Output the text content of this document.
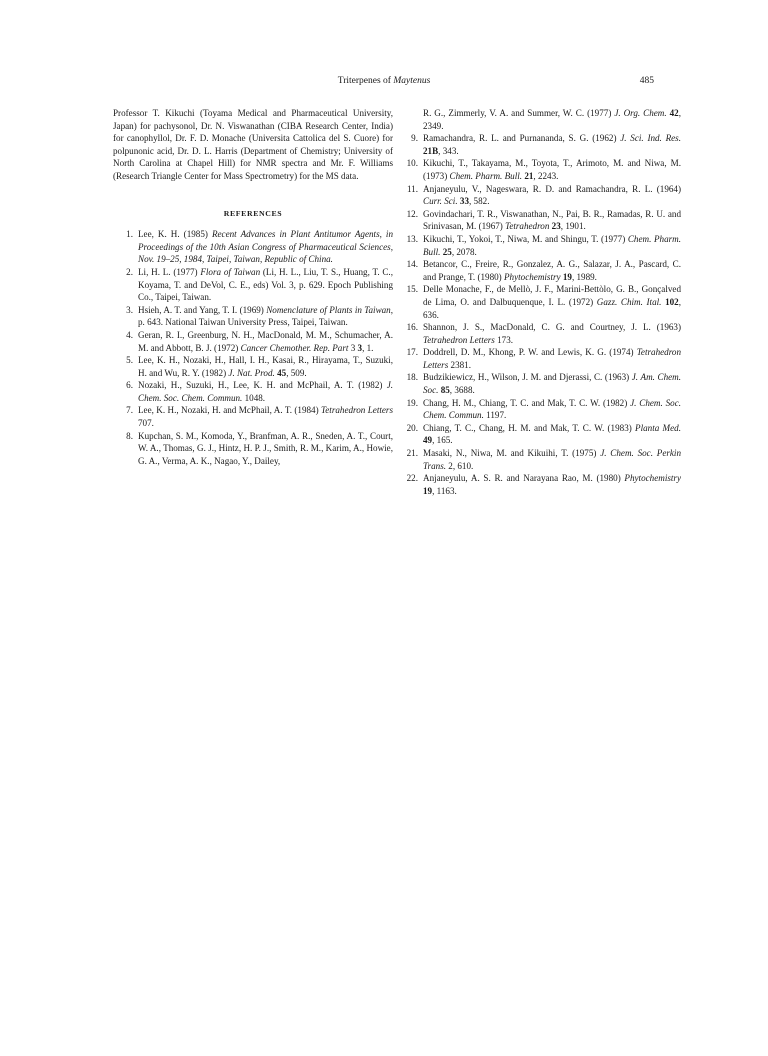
Triterpenes of Maytenus	485

Professor T. Kikuchi (Toyama Medical and Pharmaceutical University, Japan) for pachysonol, Dr. N. Viswanathan (CIBA Research Center, India) for canophyllol, Dr. F. D. Monache (Universita Cattolica del S. Cuore) for polpunonic acid, Dr. D. L. Harris (Department of Chemistry; University of North Carolina at Chapel Hill) for NMR spectra and Mr. F. Williams (Research Triangle Center for Mass Spectrometry) for the MS data.

REFERENCES
1. Lee, K. H. (1985) Recent Advances in Plant Antitumor Agents, in Proceedings of the 10th Asian Congress of Pharmaceutical Sciences, Nov. 19–25, 1984, Taipei, Taiwan, Republic of China.
2. Li, H. L. (1977) Flora of Taiwan (Li, H. L., Liu, T. S., Huang, T. C., Koyama, T. and DeVol, C. E., eds) Vol. 3, p. 629. Epoch Publishing Co., Taipei, Taiwan.
3. Hsieh, A. T. and Yang, T. I. (1969) Nomenclature of Plants in Taiwan, p. 643. National Taiwan University Press, Taipei, Taiwan.
4. Geran, R. I., Greenburg, N. H., MacDonald, M. M., Schumacher, A. M. and Abbott, B. J. (1972) Cancer Chemother. Rep. Part 3 3, 1.
5. Lee, K. H., Nozaki, H., Hall, I. H., Kasai, R., Hirayama, T., Suzuki, H. and Wu, R. Y. (1982) J. Nat. Prod. 45, 509.
6. Nozaki, H., Suzuki, H., Lee, K. H. and McPhail, A. T. (1982) J. Chem. Soc. Chem. Commun. 1048.
7. Lee, K. H., Nozaki, H. and McPhail, A. T. (1984) Tetrahedron Letters 707.
8. Kupchan, S. M., Komoda, Y., Branfman, A. R., Sneden, A. T., Court, W. A., Thomas, G. J., Hintz, H. P. J., Smith, R. M., Karim, A., Howie, G. A., Verma, A. K., Nagao, Y., Dailey,
R. G., Zimmerly, V. A. and Summer, W. C. (1977) J. Org. Chem. 42, 2349.
9. Ramachandra, R. L. and Purnananda, S. G. (1962) J. Sci. Ind. Res. 21B, 343.
10. Kikuchi, T., Takayama, M., Toyota, T., Arimoto, M. and Niwa, M. (1973) Chem. Pharm. Bull. 21, 2243.
11. Anjaneyulu, V., Nageswara, R. D. and Ramachandra, R. L. (1964) Curr. Sci. 33, 582.
12. Govindachari, T. R., Viswanathan, N., Pai, B. R., Ramadas, R. U. and Srinivasan, M. (1967) Tetrahedron 23, 1901.
13. Kikuchi, T., Yokoi, T., Niwa, M. and Shingu, T. (1977) Chem. Pharm. Bull. 25, 2078.
14. Betancor, C., Freire, R., Gonzalez, A. G., Salazar, J. A., Pascard, C. and Prange, T. (1980) Phytochemistry 19, 1989.
15. Delle Monache, F., de Mellò, J. F., Marini-Bettòlo, G. B., Gonçalved de Lima, O. and Dalbuquenque, I. L. (1972) Gazz. Chim. Ital. 102, 636.
16. Shannon, J. S., MacDonald, C. G. and Courtney, J. L. (1963) Tetrahedron Letters 173.
17. Doddrell, D. M., Khong, P. W. and Lewis, K. G. (1974) Tetrahedron Letters 2381.
18. Budzikiewicz, H., Wilson, J. M. and Djerassi, C. (1963) J. Am. Chem. Soc. 85, 3688.
19. Chang, H. M., Chiang, T. C. and Mak, T. C. W. (1982) J. Chem. Soc. Chem. Commun. 1197.
20. Chiang, T. C., Chang, H. M. and Mak, T. C. W. (1983) Planta Med. 49, 165.
21. Masaki, N., Niwa, M. and Kikuihi, T. (1975) J. Chem. Soc. Perkin Trans. 2, 610.
22. Anjaneyulu, A. S. R. and Narayana Rao, M. (1980) Phytochemistry 19, 1163.
